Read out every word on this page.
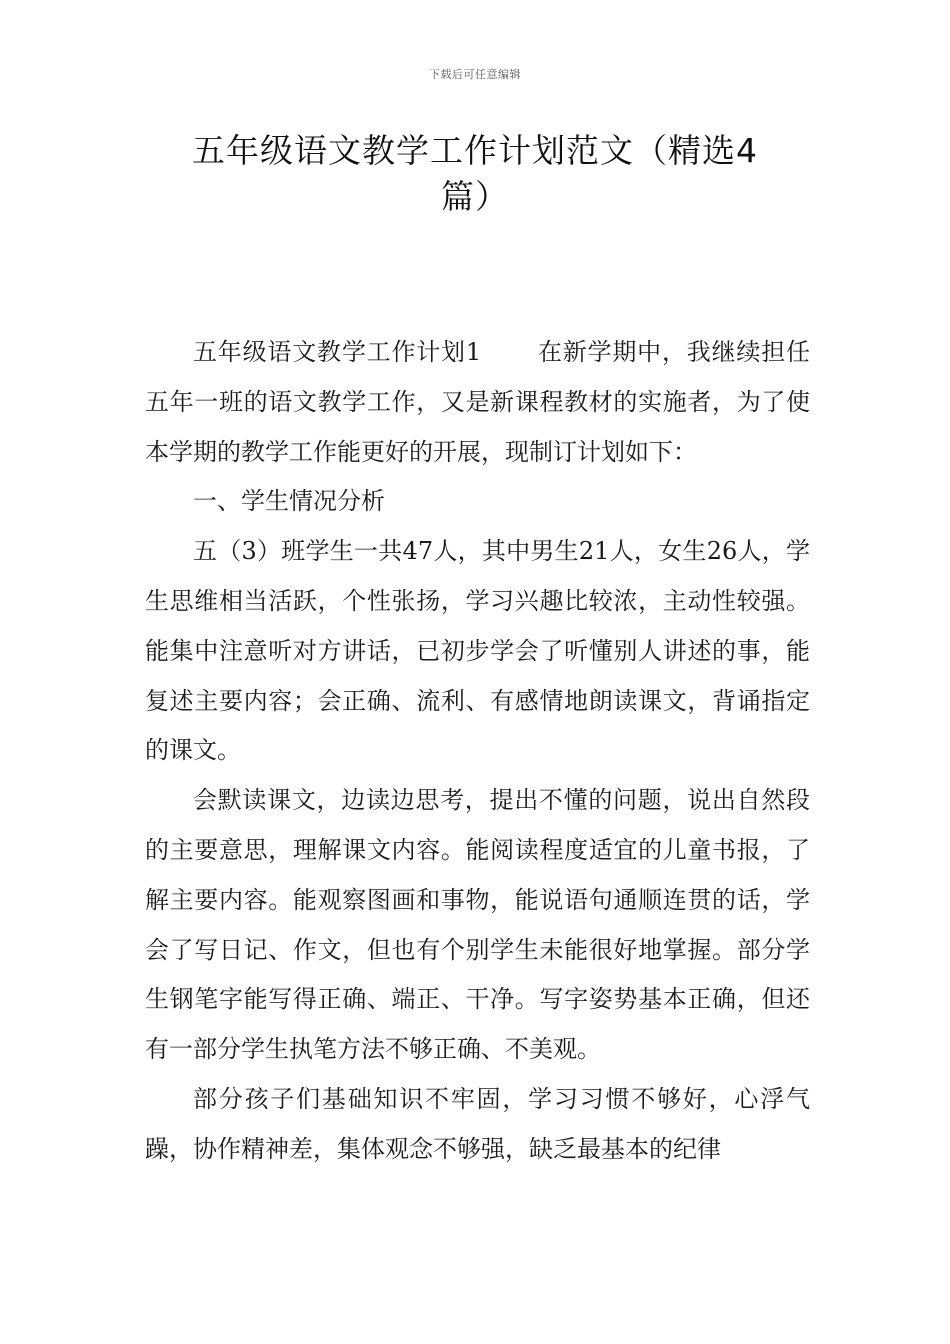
下载后可任意编辑
五年级语文教学工作计划范文（精选4篇）

五年级语文教学工作计划1 在新学期中，我继续担任五年一班的语文教学工作，又是新课程教材的实施者，为了使本学期的教学工作能更好的开展，现制订计划如下：

一、学生情况分析

五（3）班学生一共47人，其中男生21人，女生26人，学生思维相当活跃，个性张扬，学习兴趣比较浓，主动性较强。能集中注意听对方讲话，已初步学会了听懂别人讲述的事，能复述主要内容；会正确、流利、有感情地朗读课文，背诵指定的课文。

会默读课文，边读边思考，提出不懂的问题，说出自然段的主要意思，理解课文内容。能阅读程度适宜的儿童书报，了解主要内容。能观察图画和事物，能说语句通顺连贯的话，学会了写日记、作文，但也有个别学生未能很好地掌握。部分学生钢笔字能写得正确、端正、干净。写字姿势基本正确，但还有一部分学生执笔方法不够正确、不美观。

部分孩子们基础知识不牢固，学习习惯不够好，心浮气躁，协作精神差，集体观念不够强，缺乏最基本的纪律
